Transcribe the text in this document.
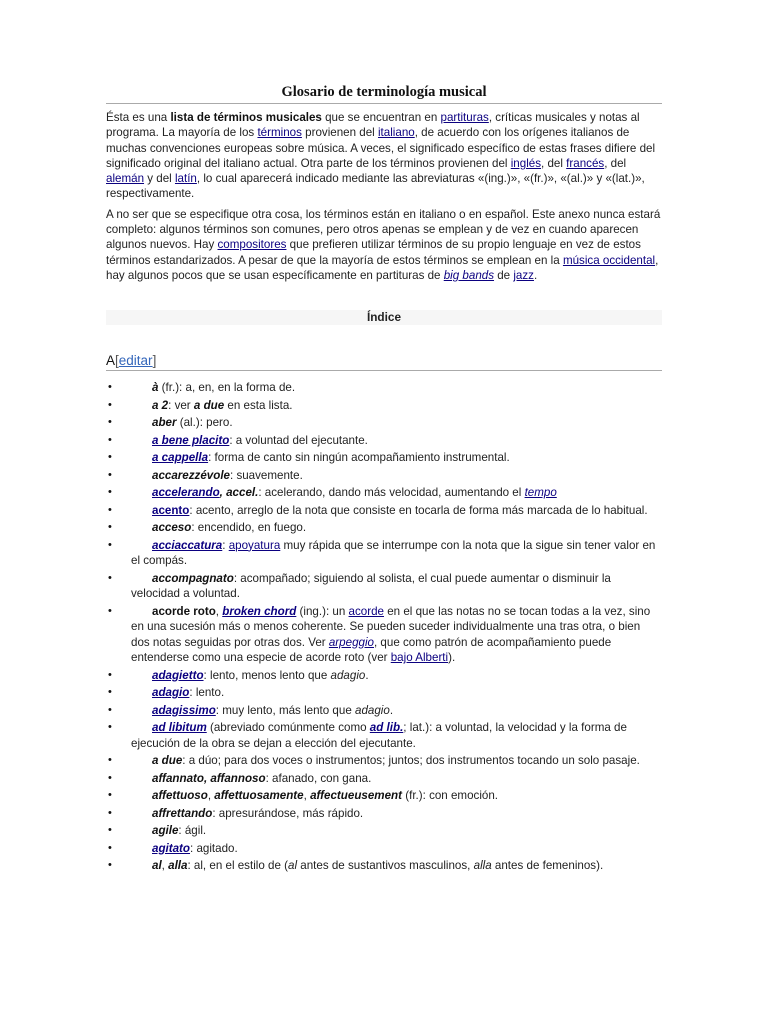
Glosario de terminología musical

Ésta es una lista de términos musicales que se encuentran en partituras, críticas musicales y notas al programa. La mayoría de los términos provienen del italiano, de acuerdo con los orígenes italianos de muchas convenciones europeas sobre música. A veces, el significado específico de estas frases difiere del significado original del italiano actual. Otra parte de los términos provienen del inglés, del francés, del alemán y del latín, lo cual aparecerá indicado mediante las abreviaturas «(ing.)», «(fr.)», «(al.)» y «(lat.)», respectivamente.

A no ser que se especifique otra cosa, los términos están en italiano o en español. Este anexo nunca estará completo: algunos términos son comunes, pero otros apenas se emplean y de vez en cuando aparecen algunos nuevos. Hay compositores que prefieren utilizar términos de su propio lenguaje en vez de estos términos estandarizados. A pesar de que la mayoría de estos términos se emplean en la música occidental, hay algunos pocos que se usan específicamente en partituras de big bands de jazz.

Índice
A[editar]
•	à (fr.): a, en, en la forma de.
•	a 2: ver a due en esta lista.
•	aber (al.): pero.
•	a bene placito: a voluntad del ejecutante.
•	a cappella: forma de canto sin ningún acompañamiento instrumental.
•	accarezzévole: suavemente.
•	accelerando, accel.: acelerando, dando más velocidad, aumentando el tempo
•	acento: acento, arreglo de la nota que consiste en tocarla de forma más marcada de lo habitual.
•	acceso: encendido, en fuego.
•	acciaccatura: apoyatura muy rápida que se interrumpe con la nota que la sigue sin tener valor en el compás.
•	accompagnato: acompañado; siguiendo al solista, el cual puede aumentar o disminuir la velocidad a voluntad.
•	acorde roto, broken chord (ing.): un acorde en el que las notas no se tocan todas a la vez, sino en una sucesión más o menos coherente. Se pueden suceder individualmente una tras otra, o bien dos notas seguidas por otras dos. Ver arpeggio, que como patrón de acompañamiento puede entenderse como una especie de acorde roto (ver bajo Alberti).
•	adagietto: lento, menos lento que adagio.
•	adagio: lento.
•	adagissimo: muy lento, más lento que adagio.
•	ad libitum (abreviado comúnmente como ad lib.; lat.): a voluntad, la velocidad y la forma de ejecución de la obra se dejan a elección del ejecutante.
•	a due: a dúo; para dos voces o instrumentos; juntos; dos instrumentos tocando un solo pasaje.
•	affannato, affannoso: afanado, con gana.
•	affettuoso, affettuosamente, affectueusement (fr.): con emoción.
•	affrettando: apresurándose, más rápido.
•	agile: ágil.
•	agitato: agitado.
•	al, alla: al, en el estilo de (al antes de sustantivos masculinos, alla antes de femeninos).
